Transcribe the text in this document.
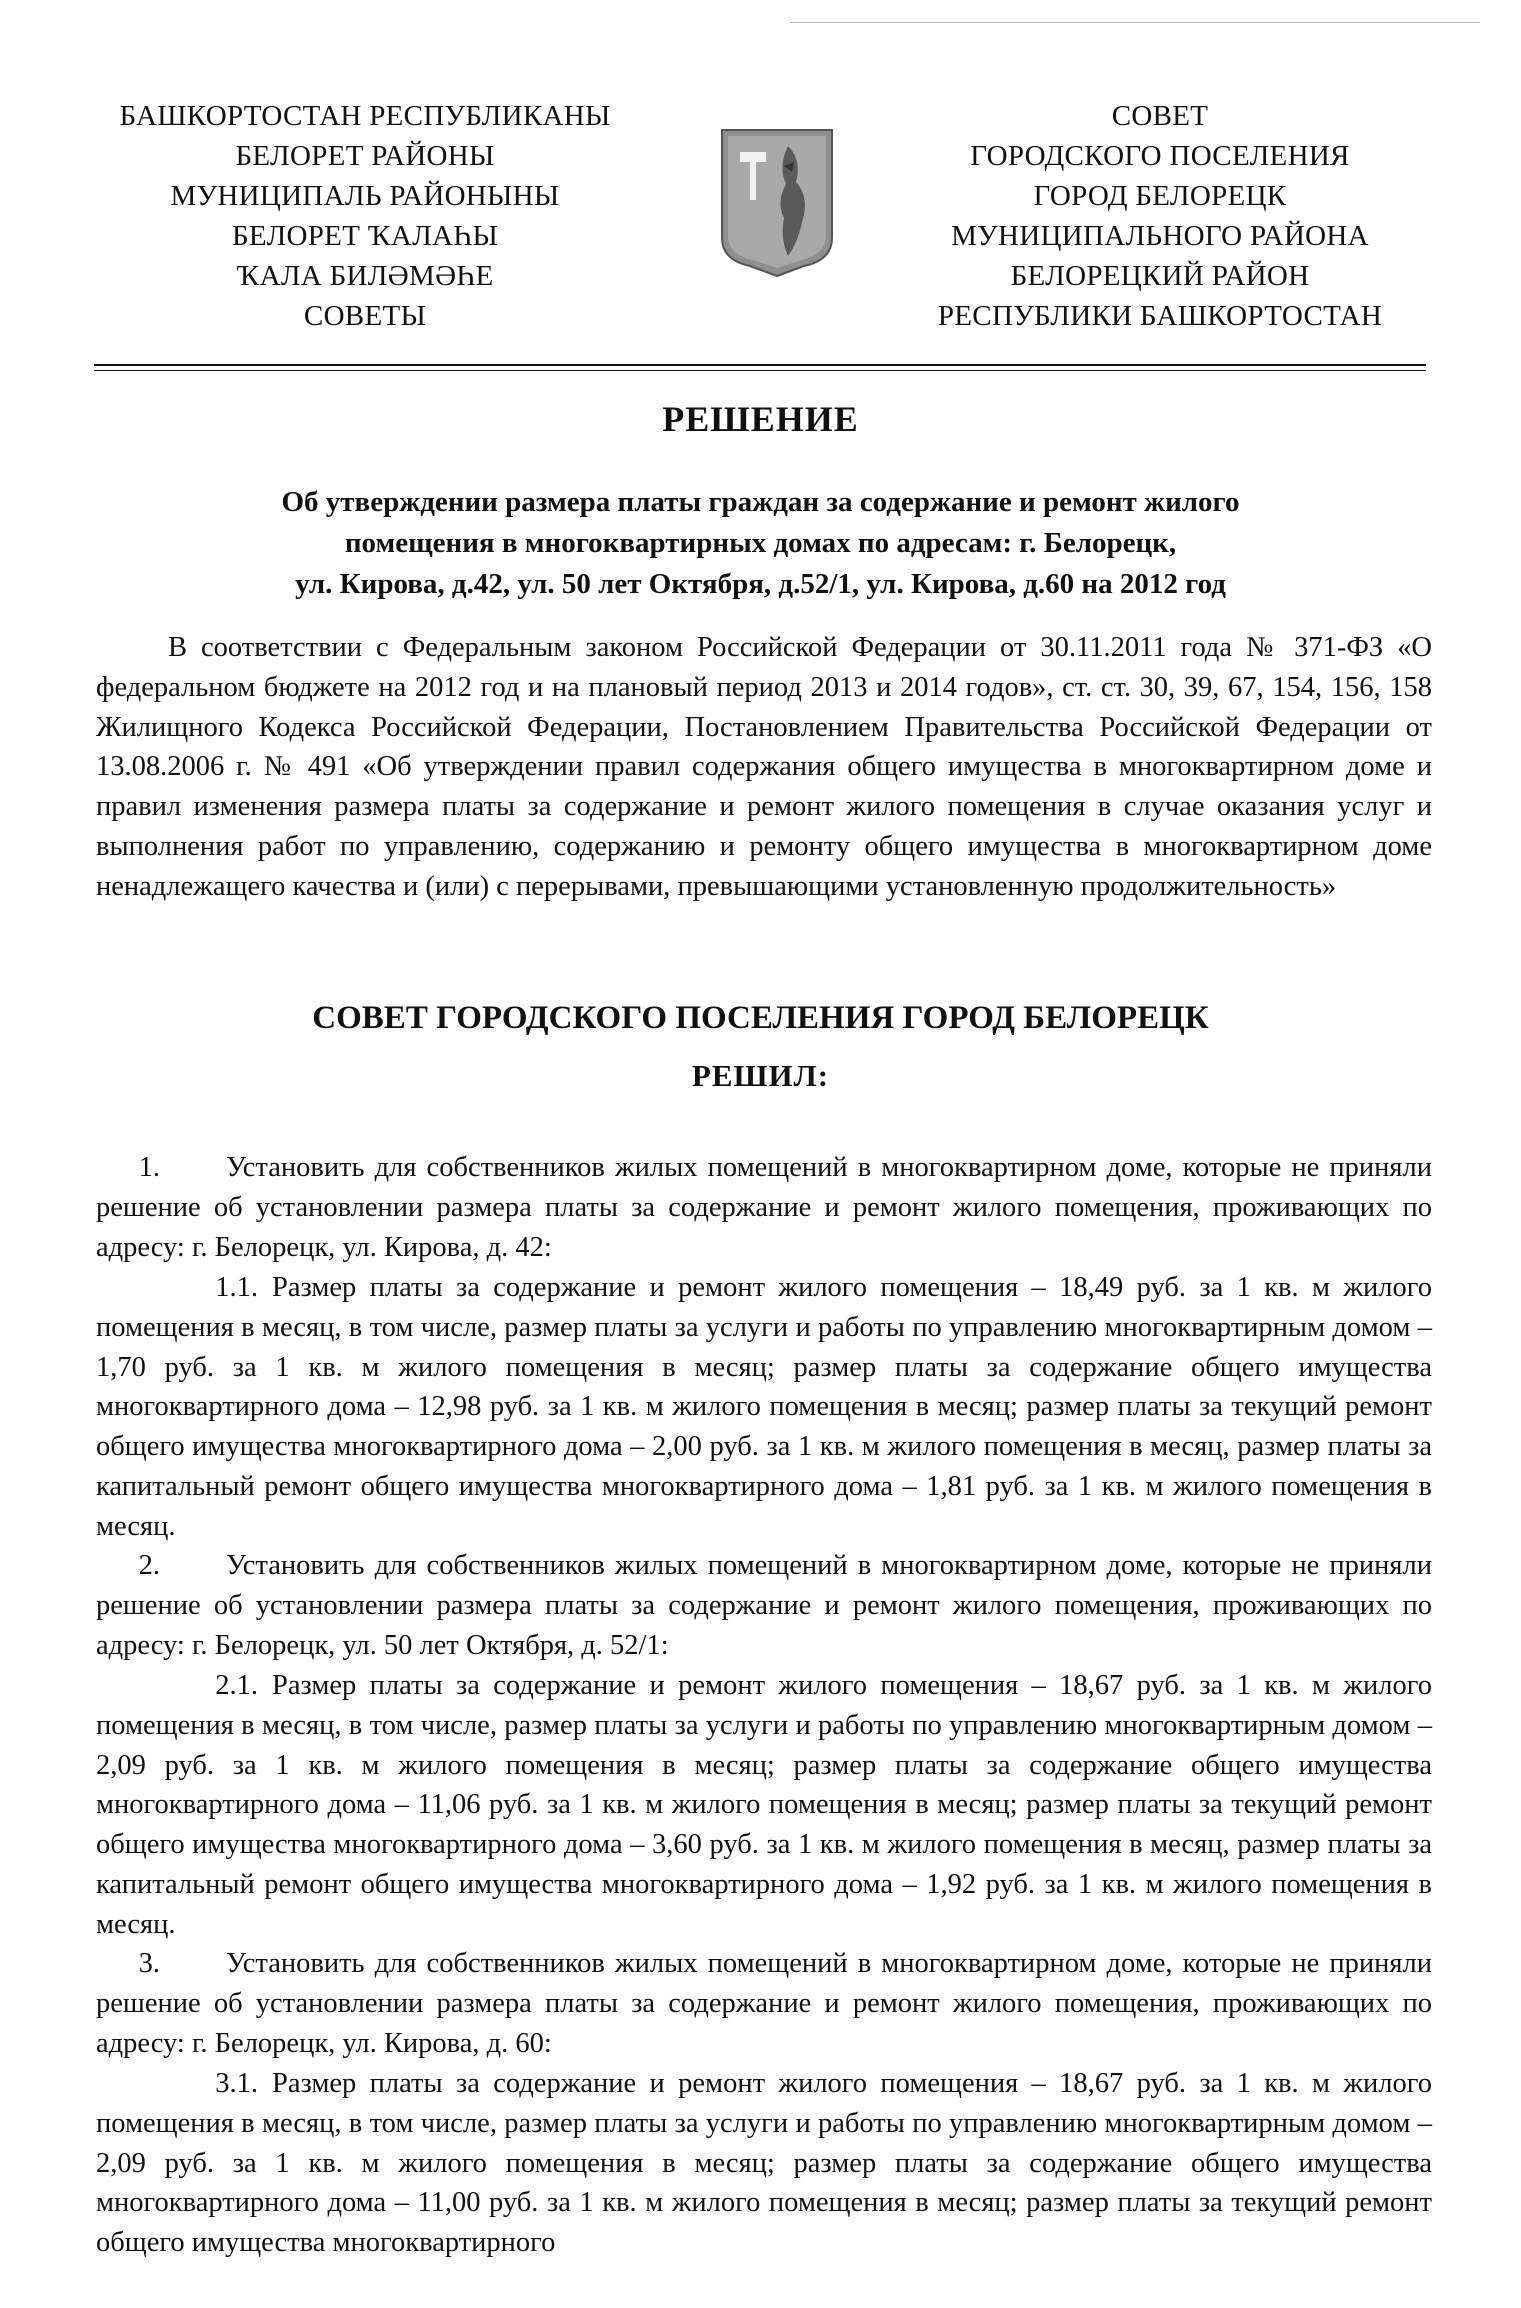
БАШКОРТОСТАН РЕСПУБЛИКАНЫ
БЕЛОРЕТ РАЙОНЫ
МУНИЦИПАЛЬ РАЙОНЫНЫ
БЕЛОРЕТ ҠАЛАҺЫ
ҠАЛА БИЛӘМӘҺЕ
СОВЕТЫ
СОВЕТ
ГОРОДСКОГО ПОСЕЛЕНИЯ
ГОРОД БЕЛОРЕЦК
МУНИЦИПАЛЬНОГО РАЙОНА
БЕЛОРЕЦКИЙ РАЙОН
РЕСПУБЛИКИ БАШКОРТОСТАН
РЕШЕНИЕ
Об утверждении размера платы граждан за содержание и ремонт жилого
помещения в многоквартирных домах по адресам: г. Белорецк,
ул. Кирова, д.42, ул. 50 лет Октября, д.52/1, ул. Кирова, д.60 на 2012 год
В соответствии с Федеральным законом Российской Федерации от 30.11.2011 года № 371-ФЗ «О федеральном бюджете на 2012 год и на плановый период 2013 и 2014 годов», ст. ст. 30, 39, 67, 154, 156, 158 Жилищного Кодекса Российской Федерации, Постановлением Правительства Российской Федерации от 13.08.2006 г. № 491 «Об утверждении правил содержания общего имущества в многоквартирном доме и правил изменения размера платы за содержание и ремонт жилого помещения в случае оказания услуг и выполнения работ по управлению, содержанию и ремонту общего имущества в многоквартирном доме ненадлежащего качества и (или) с перерывами, превышающими установленную продолжительность»
СОВЕТ ГОРОДСКОГО ПОСЕЛЕНИЯ ГОРОД БЕЛОРЕЦК
РЕШИЛ:
1. Установить для собственников жилых помещений в многоквартирном доме, которые не приняли решение об установлении размера платы за содержание и ремонт жилого помещения, проживающих по адресу: г. Белорецк, ул. Кирова, д. 42:
1.1. Размер платы за содержание и ремонт жилого помещения – 18,49 руб. за 1 кв. м жилого помещения в месяц, в том числе, размер платы за услуги и работы по управлению многоквартирным домом – 1,70 руб. за 1 кв. м жилого помещения в месяц; размер платы за содержание общего имущества многоквартирного дома – 12,98 руб. за 1 кв. м жилого помещения в месяц; размер платы за текущий ремонт общего имущества многоквартирного дома – 2,00 руб. за 1 кв. м жилого помещения в месяц, размер платы за капитальный ремонт общего имущества многоквартирного дома – 1,81 руб. за 1 кв. м жилого помещения в месяц.
2. Установить для собственников жилых помещений в многоквартирном доме, которые не приняли решение об установлении размера платы за содержание и ремонт жилого помещения, проживающих по адресу: г. Белорецк, ул. 50 лет Октября, д. 52/1:
2.1. Размер платы за содержание и ремонт жилого помещения – 18,67 руб. за 1 кв. м жилого помещения в месяц, в том числе, размер платы за услуги и работы по управлению многоквартирным домом – 2,09 руб. за 1 кв. м жилого помещения в месяц; размер платы за содержание общего имущества многоквартирного дома – 11,06 руб. за 1 кв. м жилого помещения в месяц; размер платы за текущий ремонт общего имущества многоквартирного дома – 3,60 руб. за 1 кв. м жилого помещения в месяц, размер платы за капитальный ремонт общего имущества многоквартирного дома – 1,92 руб. за 1 кв. м жилого помещения в месяц.
3. Установить для собственников жилых помещений в многоквартирном доме, которые не приняли решение об установлении размера платы за содержание и ремонт жилого помещения, проживающих по адресу: г. Белорецк, ул. Кирова, д. 60:
3.1. Размер платы за содержание и ремонт жилого помещения – 18,67 руб. за 1 кв. м жилого помещения в месяц, в том числе, размер платы за услуги и работы по управлению многоквартирным домом – 2,09 руб. за 1 кв. м жилого помещения в месяц; размер платы за содержание общего имущества многоквартирного дома – 11,00 руб. за 1 кв. м жилого помещения в месяц; размер платы за текущий ремонт общего имущества многоквартирного
